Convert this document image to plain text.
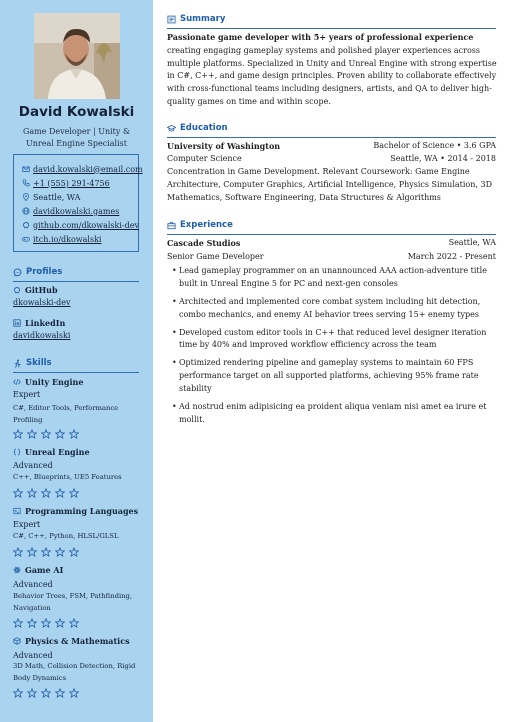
David Kowalski
Game Developer | Unity & Unreal Engine Specialist
david.kowalski@email.com
+1 (555) 291-4756
Seattle, WA
davidkowalski.games
github.com/dkowalski-dev
itch.io/dkowalski
Profiles
GitHub
dkowalski-dev
LinkedIn
davidkowalski
Skills
Unity Engine
Expert
C#, Editor Tools, Performance Profiling
Unreal Engine
Advanced
C++, Blueprints, UE5 Features
Programming Languages
Expert
C#, C++, Python, HLSL/GLSL
Game AI
Advanced
Behavior Trees, FSM, Pathfinding, Navigation
Physics & Mathematics
Advanced
3D Math, Collision Detection, Rigid Body Dynamics
Summary
Passionate game developer with 5+ years of professional experience creating engaging gameplay systems and polished player experiences across multiple platforms. Specialized in Unity and Unreal Engine with strong expertise in C#, C++, and game design principles. Proven ability to collaborate effectively with cross-functional teams including designers, artists, and QA to deliver high-quality games on time and within scope.
Education
University of Washington	Bachelor of Science • 3.6 GPA
Computer Science	Seattle, WA • 2014 - 2018
Concentration in Game Development. Relevant Coursework: Game Engine Architecture, Computer Graphics, Artificial Intelligence, Physics Simulation, 3D Mathematics, Software Engineering, Data Structures & Algorithms
Experience
Cascade Studios	Seattle, WA
Senior Game Developer	March 2022 - Present
• Lead gameplay programmer on an unannounced AAA action-adventure title built in Unreal Engine 5 for PC and next-gen consoles
• Architected and implemented core combat system including hit detection, combo mechanics, and enemy AI behavior trees serving 15+ enemy types
• Developed custom editor tools in C++ that reduced level designer iteration time by 40% and improved workflow efficiency across the team
• Optimized rendering pipeline and gameplay systems to maintain 60 FPS performance target on all supported platforms, achieving 95% frame rate stability
• Ad nostrud enim adipisicing ea proident aliqua veniam nisi amet ea irure et mollit.
